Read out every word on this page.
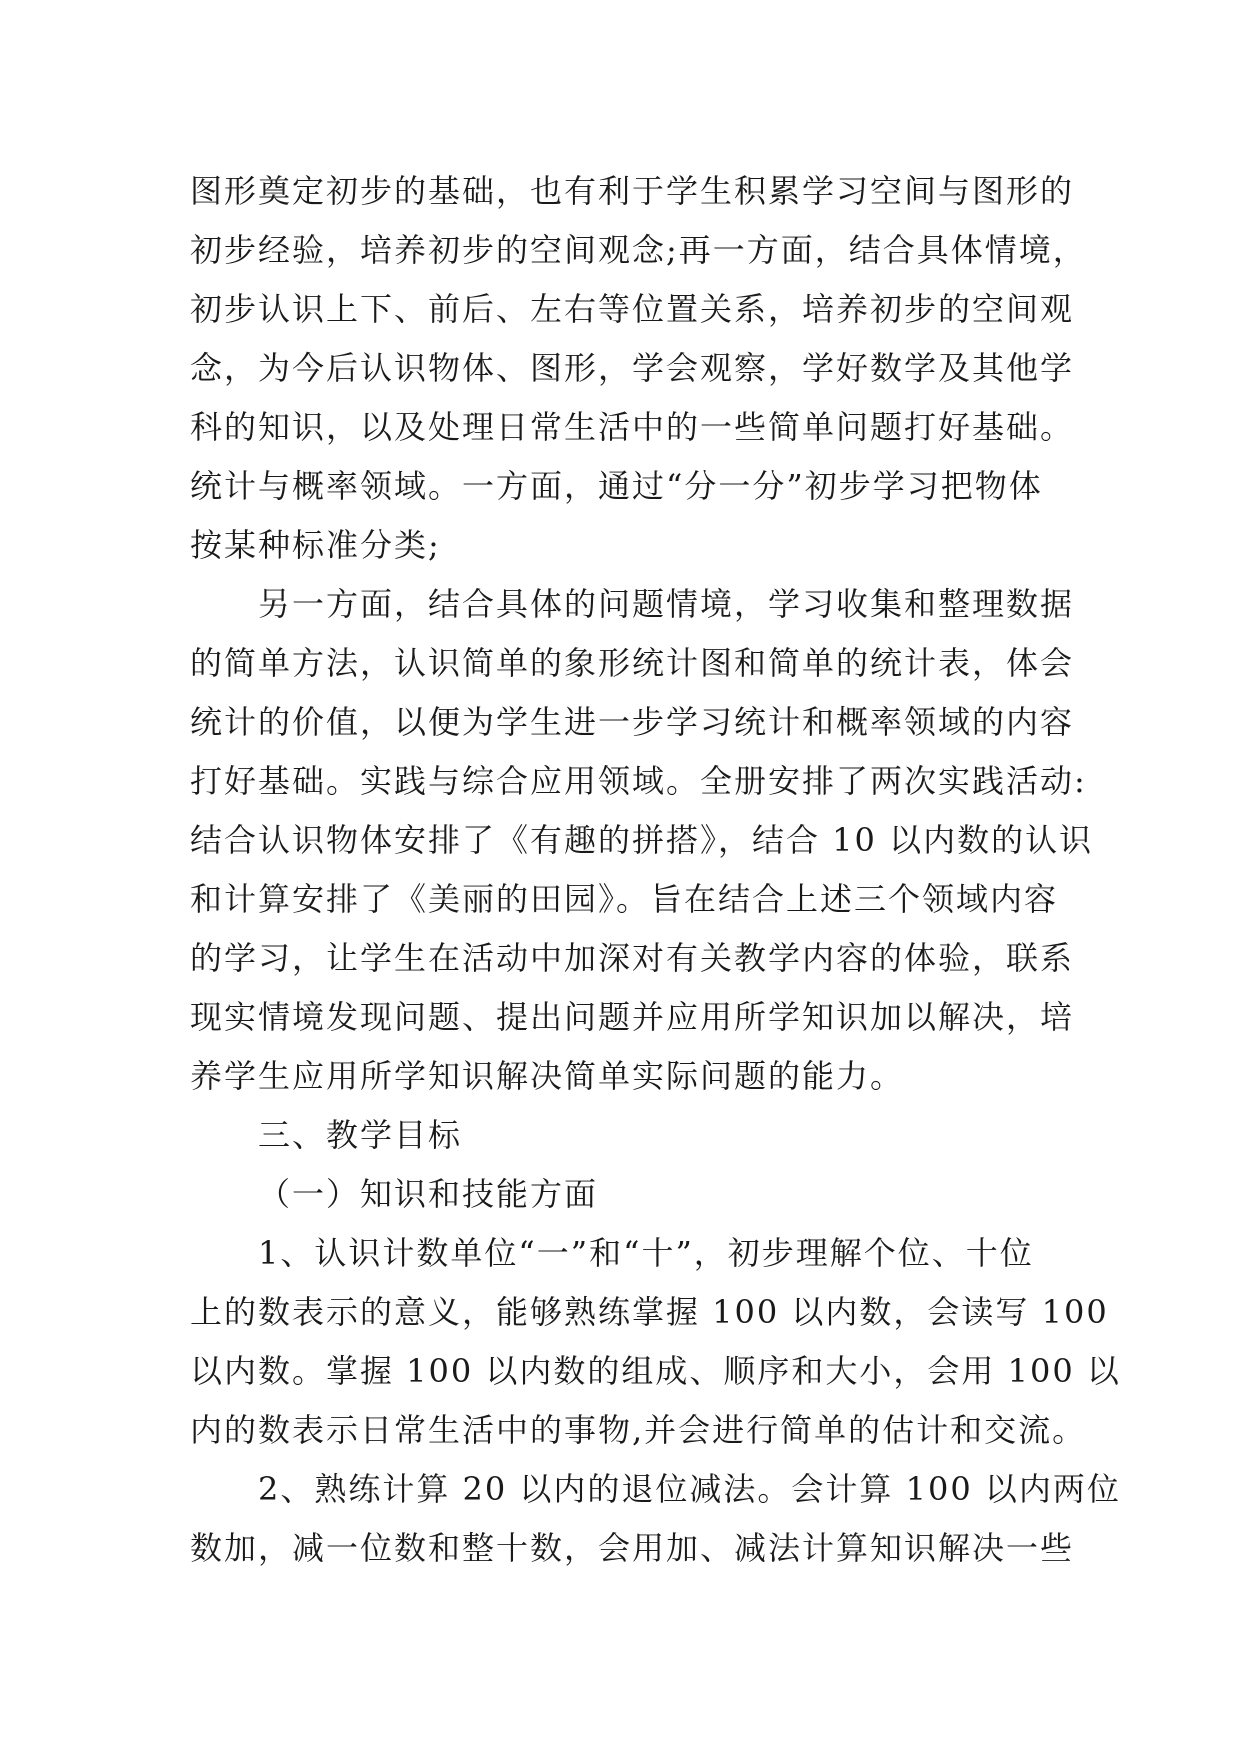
图形奠定初步的基础，也有利于学生积累学习空间与图形的
初步经验，培养初步的空间观念;再一方面，结合具体情境，
初步认识上下、前后、左右等位置关系，培养初步的空间观
念，为今后认识物体、图形，学会观察，学好数学及其他学
科的知识，以及处理日常生活中的一些简单问题打好基础。
统计与概率领域。一方面，通过“分一分”初步学习把物体
按某种标准分类;
另一方面，结合具体的问题情境，学习收集和整理数据
的简单方法，认识简单的象形统计图和简单的统计表，体会
统计的价值，以便为学生进一步学习统计和概率领域的内容
打好基础。实践与综合应用领域。全册安排了两次实践活动:
结合认识物体安排了《有趣的拼搭》，结合 10 以内数的认识
和计算安排了《美丽的田园》。旨在结合上述三个领域内容
的学习，让学生在活动中加深对有关教学内容的体验，联系
现实情境发现问题、提出问题并应用所学知识加以解决，培
养学生应用所学知识解决简单实际问题的能力。
三、教学目标
（一）知识和技能方面
1、认识计数单位“一”和“十”，初步理解个位、十位
上的数表示的意义，能够熟练掌握 100 以内数，会读写 100
以内数。掌握 100 以内数的组成、顺序和大小，会用 100 以
内的数表示日常生活中的事物,并会进行简单的估计和交流。
2、熟练计算 20 以内的退位减法。会计算 100 以内两位
数加，减一位数和整十数，会用加、减法计算知识解决一些
